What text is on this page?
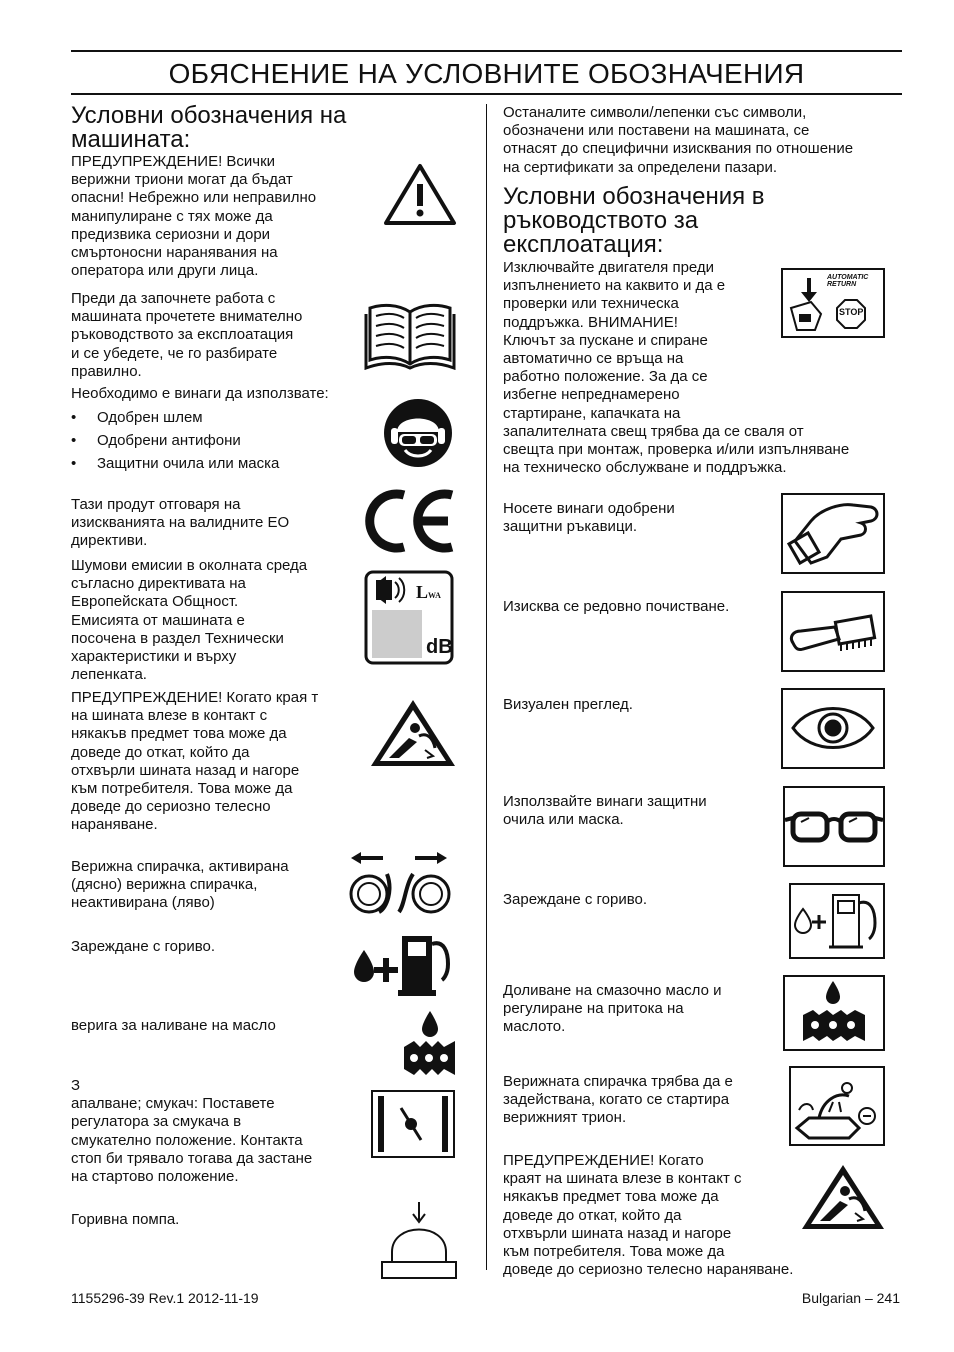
ОБЯСНЕНИЕ НА УСЛОВНИТЕ ОБОЗНАЧЕНИЯ
Условни обозначения на
машината:

ПРЕДУПРЕЖДЕНИЕ! Всички
верижни триони могат да бъдат
опасни! Небрежно или неправилно
манипулиране с тях може да
предизвика сериозни и дори
смъртоносни наранявания на
оператора или други лица.

Преди да започнете работа с
машината прочетете внимателно
ръководството за експлоатация
и се убедете, че го разбирате
правилно.

Необходимо е винаги да използвате:

• Одобрен шлем
• Одобрени антифони
• Защитни очила или маска

Тази продут отговаря на
изискванията на валидните ЕО
директиви.

Шумови емисии в околната среда
съгласно директивата на
Европейската Общност.
Емисията от машината е
посочена в раздел Технически
характеристики и върху
лепенката.

LWA
dB

ПРЕДУПРЕЖДЕНИЕ! Когато края т
на шината влезе в контакт с
някакъв предмет това може да
доведе до откат, който да
отхвърли шината назад и нагоре
към потребителя. Това може да
доведе до сериозно телесно
нараняване.

Верижна спирачка, активирана
(дясно) верижна спирачка,
неактивирана (ляво)

Зареждане с гориво.

верига за наливане на масло

З
апалване; смукач: Поставете
регулатора за смукача в
смукателно положение. Контакта
стоп би трявало тогава да застане
на стартово положение.

Горивна помпа.

Останалите символи/лепенки със символи,
обозначени или поставени на машината, се
отнасят до специфични изисквания по отношение
на сертификати за определени пазари.

Условни обозначения в
ръководството за
експлоатация:

Изключвайте двигателя преди
изпълнението на каквито и да е
проверки или техническа
поддръжка. ВНИМАНИЕ!
Ключът за пускане и спиране
автоматично се връща на
работно положение. За да се
избегне непреднамерено
стартиране, капачката на

запалителната свещ трябва да се сваля от
свещта при монтаж, проверка и/или изпълняване
на техническо обслужване и поддръжка.

AUTOMATIC
RETURN
STOP

Носете винаги одобрени
защитни ръкавици.

Изисква се редовно почистване.

Визуален преглед.

Използвайте винаги защитни
очила или маска.

Зареждане с гориво.

Доливане на смазочно масло и
регулиране на притока на
маслото.

Верижната спирачка трябва да е
задействана, когато се стартира
верижният трион.

ПРЕДУПРЕЖДЕНИЕ! Когато
краят на шината влезе в контакт с
някакъв предмет това може да
доведе до откат, който да
отхвърли шината назад и нагоре
към потребителя. Това може да
доведе до сериозно телесно нараняване.

1155296-39 Rev.1 2012-11-19	Bulgarian – 241
